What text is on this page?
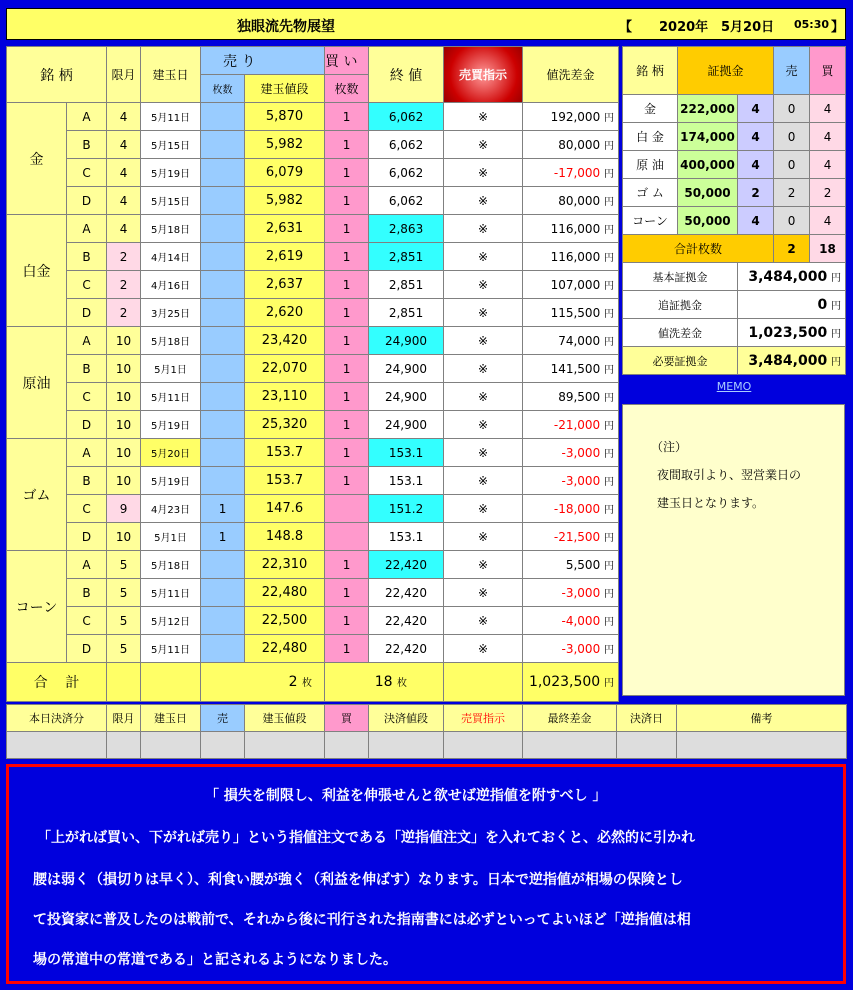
独眼流先物展望	【 2020年 5月20日 05:30 】
銘 柄		限月	建玉日	売 り		買 い	終 値	売買指示	値洗差金
				枚数	建玉値段	枚数			
金	A	4	5月11日		5,870	1	6,062	※	192,000 円
	B	4	5月15日		5,982	1	6,062	※	80,000 円
	C	4	5月19日		6,079	1	6,062	※	-17,000 円
	D	4	5月15日		5,982	1	6,062	※	80,000 円
白金	A	4	5月18日		2,631	1	2,863	※	116,000 円
	B	2	4月14日		2,619	1	2,851	※	116,000 円
	C	2	4月16日		2,637	1	2,851	※	107,000 円
	D	2	3月25日		2,620	1	2,851	※	115,500 円
原油	A	10	5月18日		23,420	1	24,900	※	74,000 円
	B	10	5月1日		22,070	1	24,900	※	141,500 円
	C	10	5月11日		23,110	1	24,900	※	89,500 円
	D	10	5月19日		25,320	1	24,900	※	-21,000 円
ゴム	A	10	5月20日		153.7	1	153.1	※	-3,000 円
	B	10	5月19日		153.7	1	153.1	※	-3,000 円
	C	9	4月23日	1	147.6		151.2	※	-18,000 円
	D	10	5月1日	1	148.8		153.1	※	-21,500 円
コーン	A	5	5月18日		22,310	1	22,420	※	5,500 円
	B	5	5月11日		22,480	1	22,420	※	-3,000 円
	C	5	5月12日		22,500	1	22,420	※	-4,000 円
	D	5	5月11日		22,480	1	22,420	※	-3,000 円
合 計				2 枚		18 枚			1,023,500 円
銘 柄	証拠金		売	買
金	222,000	4	0	4
白 金	174,000	4	0	4
原 油	400,000	4	0	4
ゴ ム	50,000	2	2	2
コーン	50,000	4	0	4
合計枚数			2	18
基本証拠金		3,484,000 円		
追証拠金		0 円		
値洗差金		1,023,500 円		
必要証拠金		3,484,000 円		
MEMO				

（注）

夜間取引より、翌営業日の

建玉日となります。

本日決済分	限月	建玉日	売	建玉値段	買	決済値段	売買指示	最終差金	決済日	備考

「 損失を制限し、利益を伸張せんと欲せば逆指値を附すべし 」
「上がれば買い、下がれば売り」という指値注文である「逆指値注文」を入れておくと、必然的に引かれ
腰は弱く（損切りは早く）、利食い腰が強く（利益を伸ばす）なります。日本で逆指値が相場の保険とし
て投資家に普及したのは戦前で、それから後に刊行された指南書には必ずといってよいほど「逆指値は相
場の常道中の常道である」と記されるようになりました。
